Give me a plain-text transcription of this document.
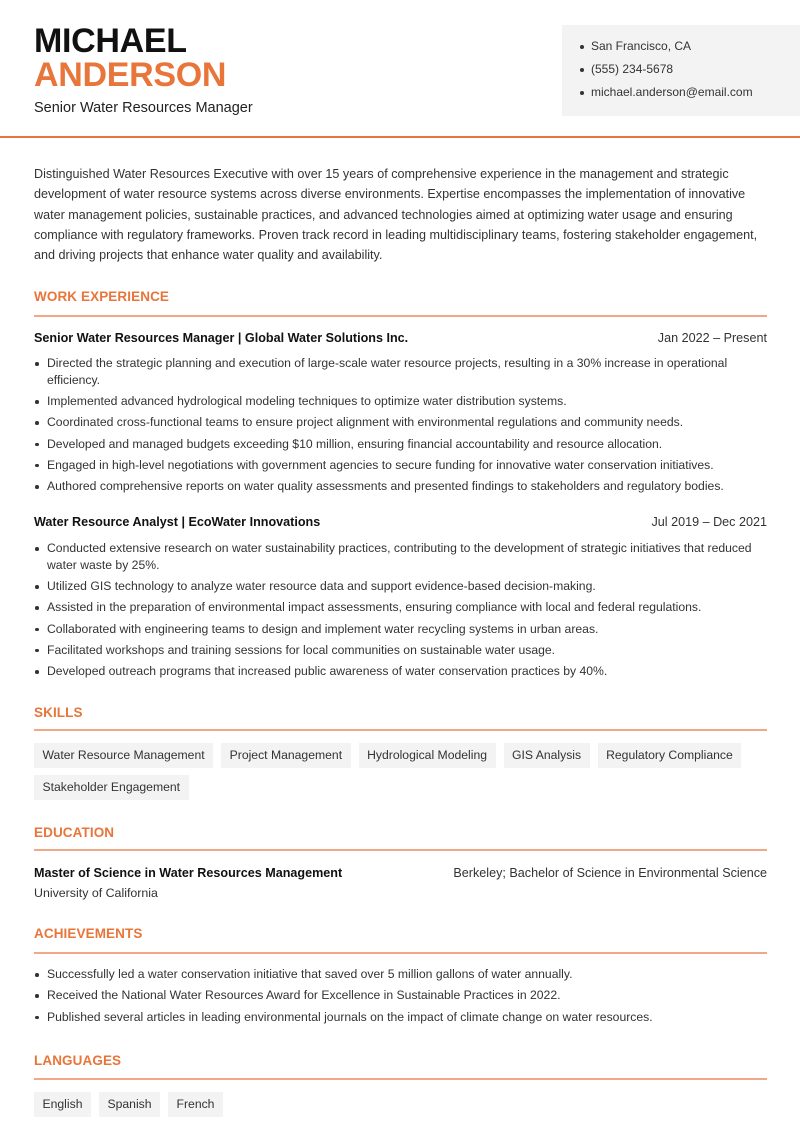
MICHAEL
ANDERSON
Senior Water Resources Manager
San Francisco, CA
(555) 234-5678
michael.anderson@email.com

Distinguished Water Resources Executive with over 15 years of comprehensive experience in the management and strategic development of water resource systems across diverse environments. Expertise encompasses the implementation of innovative water management policies, sustainable practices, and advanced technologies aimed at optimizing water usage and ensuring compliance with regulatory frameworks. Proven track record in leading multidisciplinary teams, fostering stakeholder engagement, and driving projects that enhance water quality and availability.

WORK EXPERIENCE
Senior Water Resources Manager | Global Water Solutions Inc.	Jan 2022 – Present
Directed the strategic planning and execution of large-scale water resource projects, resulting in a 30% increase in operational efficiency.
Implemented advanced hydrological modeling techniques to optimize water distribution systems.
Coordinated cross-functional teams to ensure project alignment with environmental regulations and community needs.
Developed and managed budgets exceeding $10 million, ensuring financial accountability and resource allocation.
Engaged in high-level negotiations with government agencies to secure funding for innovative water conservation initiatives.
Authored comprehensive reports on water quality assessments and presented findings to stakeholders and regulatory bodies.
Water Resource Analyst | EcoWater Innovations	Jul 2019 – Dec 2021
Conducted extensive research on water sustainability practices, contributing to the development of strategic initiatives that reduced water waste by 25%.
Utilized GIS technology to analyze water resource data and support evidence-based decision-making.
Assisted in the preparation of environmental impact assessments, ensuring compliance with local and federal regulations.
Collaborated with engineering teams to design and implement water recycling systems in urban areas.
Facilitated workshops and training sessions for local communities on sustainable water usage.
Developed outreach programs that increased public awareness of water conservation practices by 40%.
SKILLS
Water Resource Management	Project Management	Hydrological Modeling	GIS Analysis	Regulatory Compliance
Stakeholder Engagement
EDUCATION
Master of Science in Water Resources Management	Berkeley; Bachelor of Science in Environmental Science
University of California
ACHIEVEMENTS
Successfully led a water conservation initiative that saved over 5 million gallons of water annually.
Received the National Water Resources Award for Excellence in Sustainable Practices in 2022.
Published several articles in leading environmental journals on the impact of climate change on water resources.
LANGUAGES
English	Spanish	French
